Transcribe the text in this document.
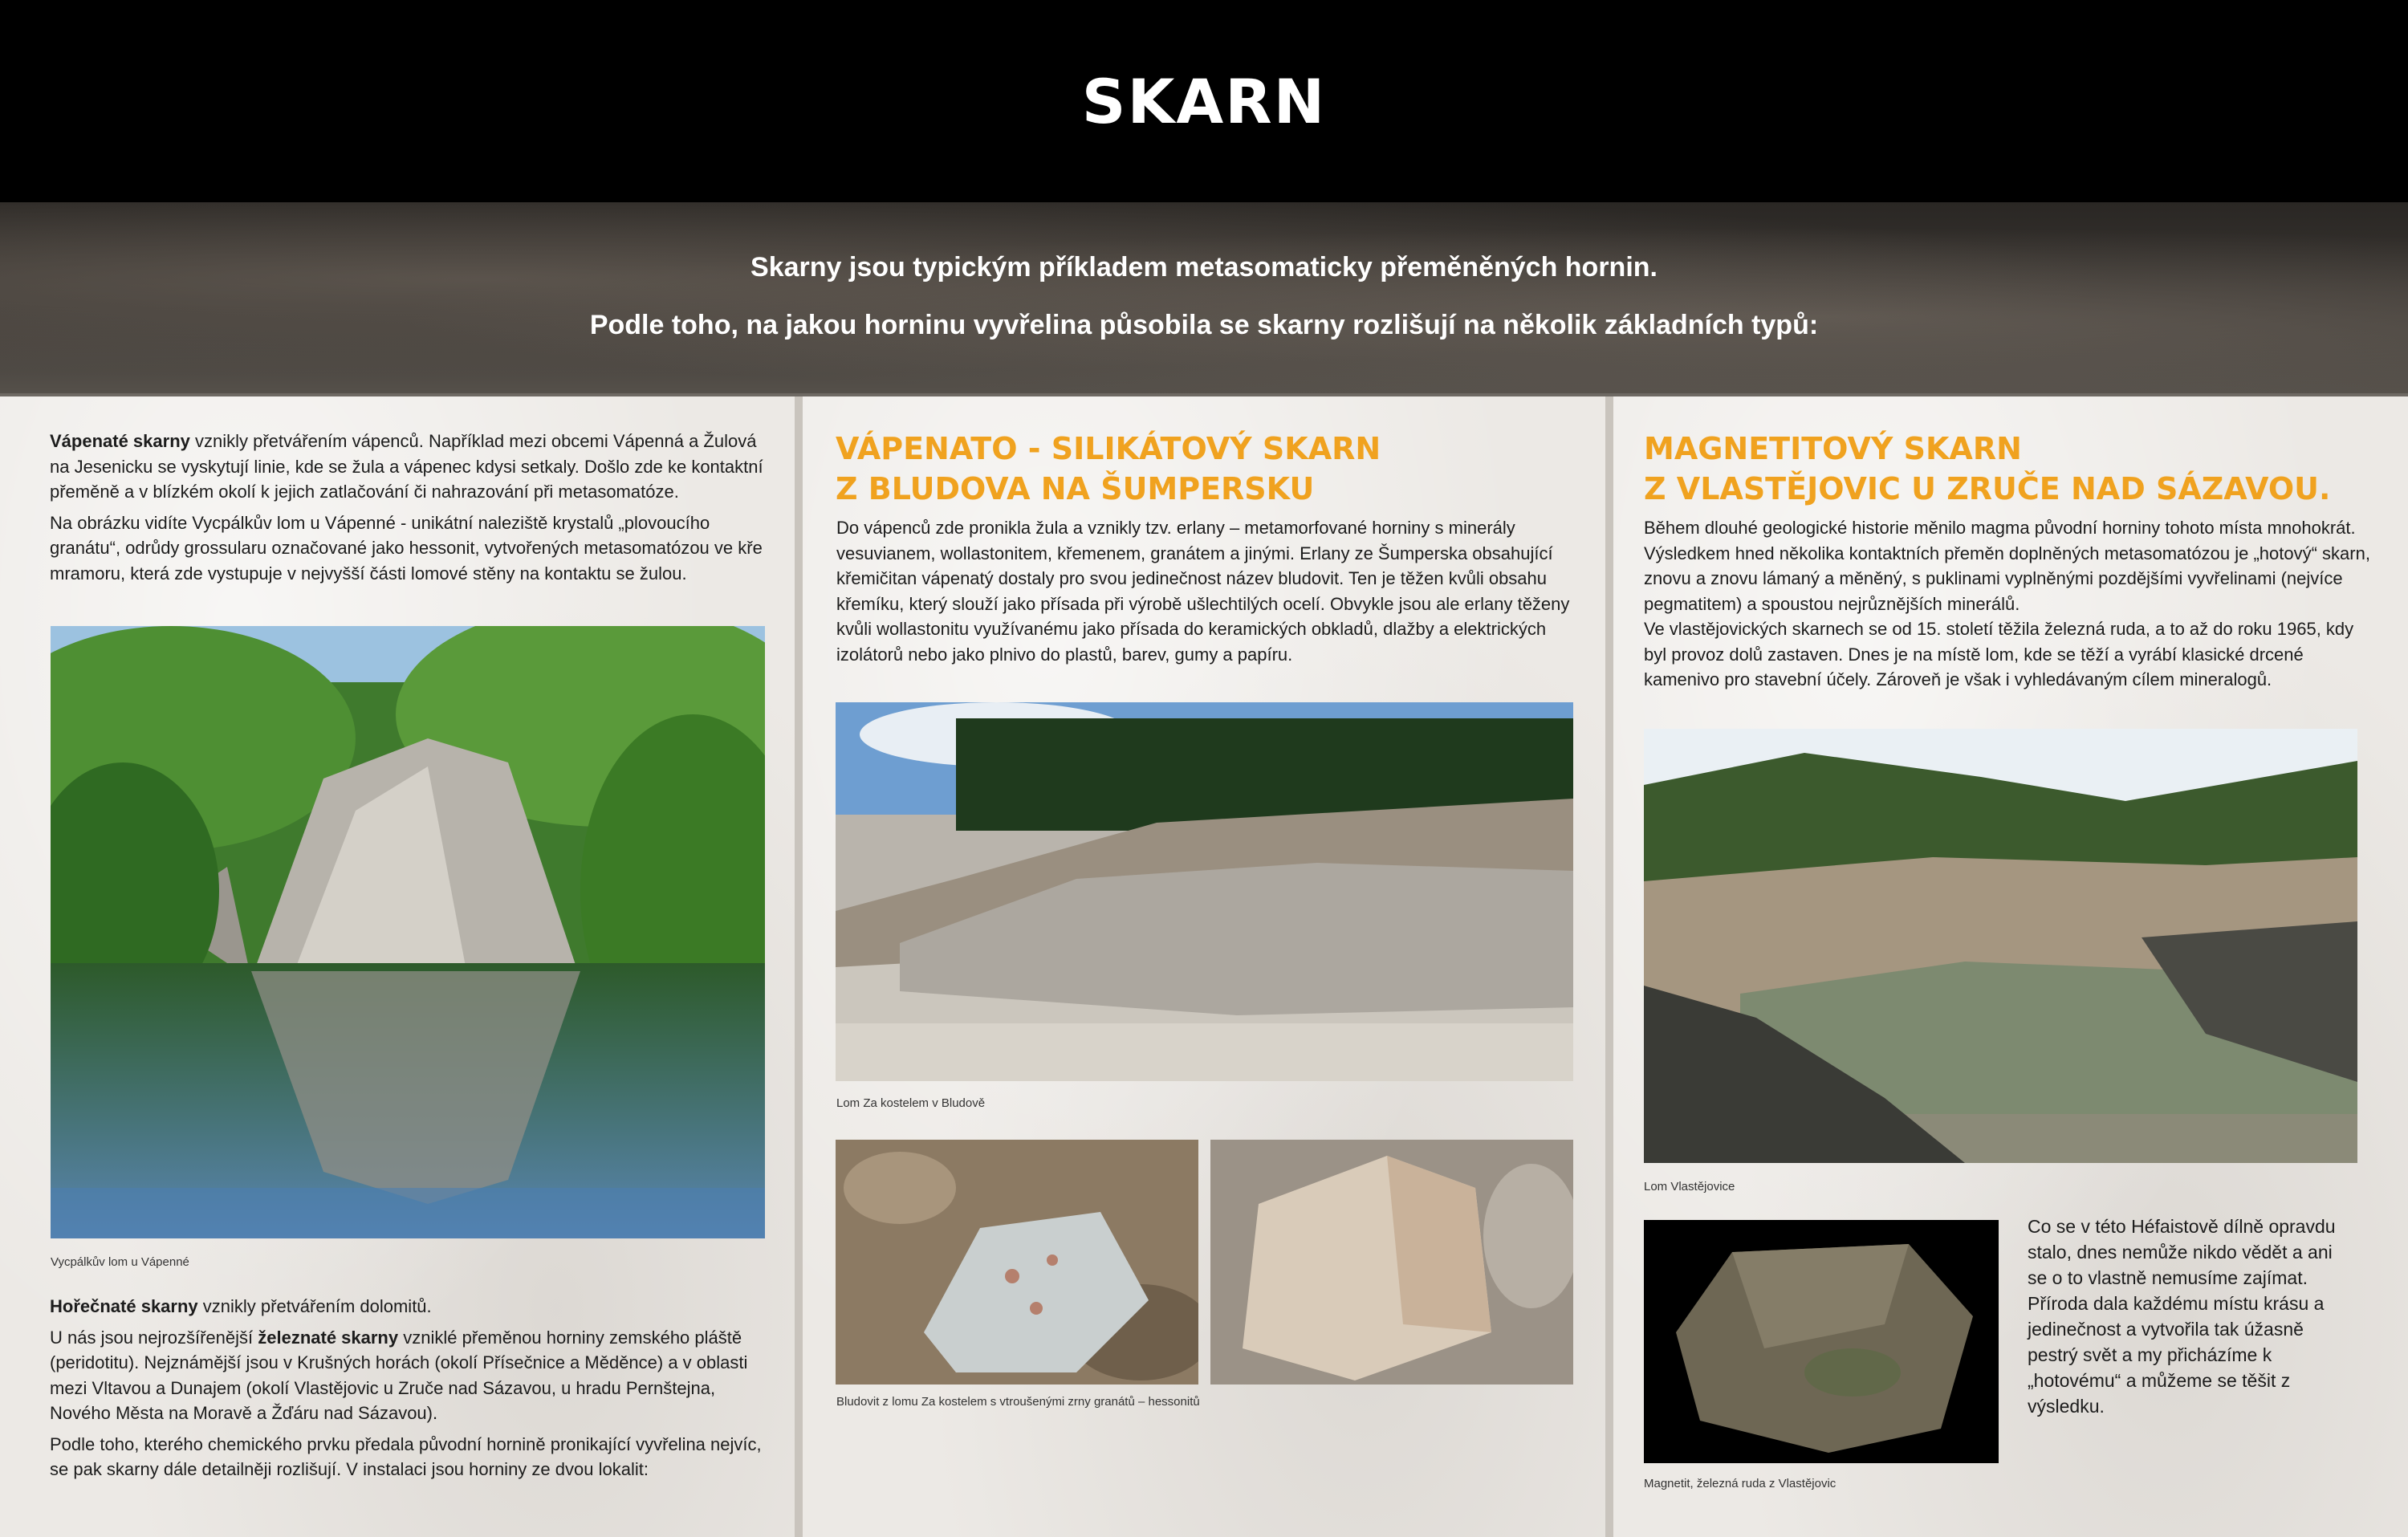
SKARN

Skarny jsou typickým příkladem metasomaticky přeměněných hornin.

Podle toho, na jakou horninu vyvřelina působila se skarny rozlišují na několik základních typů:

Vápenaté skarny vznikly přetvářením vápenců. Například mezi obcemi Vápenná a Žulová na Jesenicku se vyskytují linie, kde se žula a vápenec kdysi setkaly. Došlo zde ke kontaktní přeměně a v blízkém okolí k jejich zatlačování či nahrazování při metasomatóze.

Na obrázku vidíte Vycpálkův lom u Vápenné - unikátní naleziště krystalů „plovoucího granátu“, odrůdy grossularu označované jako hessonit, vytvořených metasomatózou ve kře mramoru, která zde vystupuje v nejvyšší části lomové stěny na kontaktu se žulou.

Vycpálkův lom u Vápenné

Hořečnaté skarny vznikly přetvářením dolomitů.

U nás jsou nejrozšířenější železnaté skarny vzniklé přeměnou horniny zemského pláště (peridotitu). Nejznámější jsou v Krušných horách (okolí Přísečnice a Měděnce) a v oblasti mezi Vltavou a Dunajem (okolí Vlastějovic u Zruče nad Sázavou, u hradu Pernštejna, Nového Města na Moravě a Žďáru nad Sázavou).

Podle toho, kterého chemického prvku předala původní hornině pronikající vyvřelina nejvíc, se pak skarny dále detailněji rozlišují. V instalaci jsou horniny ze dvou lokalit:

VÁPENATO - SILIKÁTOVÝ SKARN
Z BLUDOVA NA ŠUMPERSKU
Do vápenců zde pronikla žula a vznikly tzv. erlany – metamorfované horniny s minerály vesuvianem, wollastonitem, křemenem, granátem a jinými. Erlany ze Šumperska obsahující křemičitan vápenatý dostaly pro svou jedinečnost název bludovit. Ten je těžen kvůli obsahu křemíku, který slouží jako přísada při výrobě ušlechtilých ocelí. Obvykle jsou ale erlany těženy kvůli wollastonitu využívanému jako přísada do keramických obkladů, dlažby a elektrických izolátorů nebo jako plnivo do plastů, barev, gumy a papíru.
Lom Za kostelem v Bludově
Bludovit z lomu Za kostelem s vtroušenými zrny granátů – hessonitů
MAGNETITOVÝ SKARN
Z VLASTĚJOVIC U ZRUČE NAD SÁZAVOU.

Během dlouhé geologické historie měnilo magma původní horniny tohoto místa mnohokrát. Výsledkem hned několika kontaktních přeměn doplněných metasomatózou je „hotový“ skarn, znovu a znovu lámaný a měněný, s puklinami vyplněnými pozdějšími vyvřelinami (nejvíce pegmatitem) a spoustou nejrůznějších minerálů.

Ve vlastějovických skarnech se od 15. století těžila železná ruda, a to až do roku 1965, kdy byl provoz dolů zastaven. Dnes je na místě lom, kde se těží a vyrábí klasické drcené kamenivo pro stavební účely. Zároveň je však i vyhledávaným cílem mineralogů.

Lom Vlastějovice
Magnetit, železná ruda z Vlastějovic
Co se v této Héfaistově dílně opravdu stalo, dnes nemůže nikdo vědět a ani se o to vlastně nemusíme zajímat. Příroda dala každému místu krásu a jedinečnost a vytvořila tak úžasně pestrý svět a my přicházíme k „hotovému“ a můžeme se těšit z výsledku.
